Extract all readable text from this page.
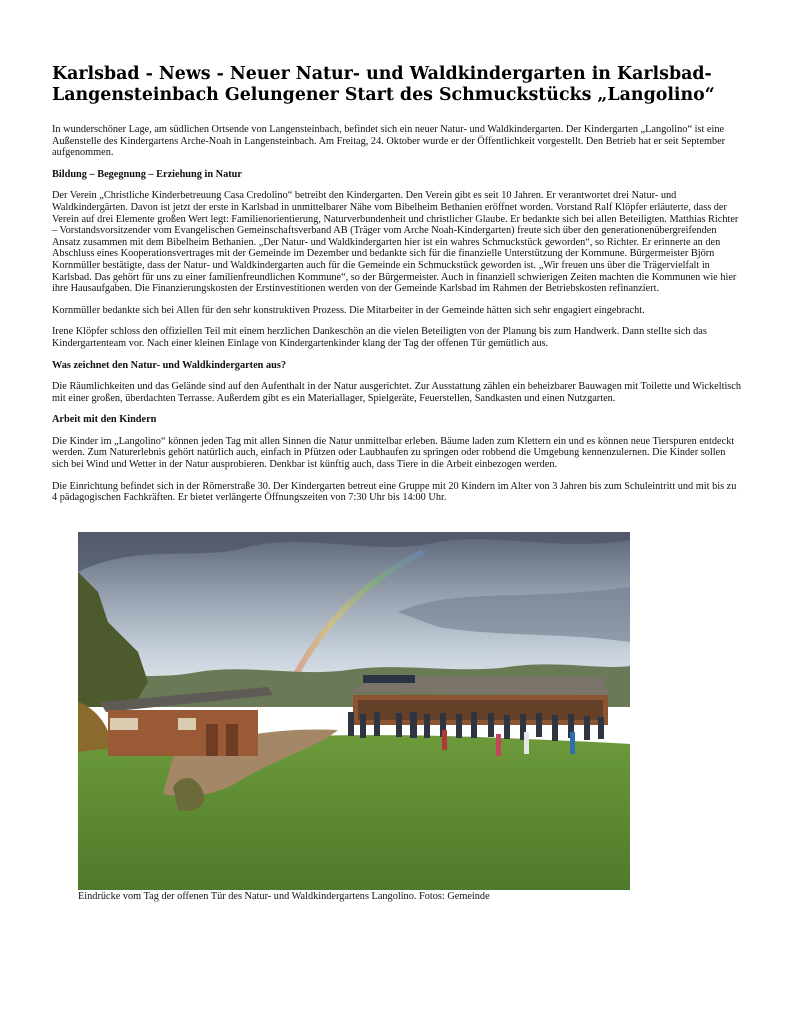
Karlsbad - News - Neuer Natur- und Waldkindergarten in Karlsbad-Langensteinbach Gelungener Start des Schmuckstücks „Langolino“

In wunderschöner Lage, am südlichen Ortsende von Langensteinbach, befindet sich ein neuer Natur- und Waldkindergarten. Der Kindergarten „Langolino“ ist eine Außenstelle des Kindergartens Arche-Noah in Langensteinbach. Am Freitag, 24. Oktober wurde er der Öffentlichkeit vorgestellt. Den Betrieb hat er seit September aufgenommen.

Bildung – Begegnung – Erziehung in Natur

Der Verein „Christliche Kinderbetreuung Casa Credolino“ betreibt den Kindergarten. Den Verein gibt es seit 10 Jahren. Er verantwortet drei Natur- und Waldkindergärten. Davon ist jetzt der erste in Karlsbad in unmittelbarer Nähe vom Bibelheim Bethanien eröffnet worden. Vorstand Ralf Klöpfer erläuterte, dass der Verein auf drei Elemente großen Wert legt: Familienorientierung, Naturverbundenheit und christlicher Glaube. Er bedankte sich bei allen Beteiligten. Matthias Richter – Vorstandsvorsitzender vom Evangelischen Gemeinschaftsverband AB (Träger vom Arche Noah-Kindergarten) freute sich über den generationenübergreifenden Ansatz zusammen mit dem Bibelheim Bethanien. „Der Natur- und Waldkindergarten hier ist ein wahres Schmuckstück geworden“, so Richter. Er erinnerte an den Abschluss eines Kooperationsvertrages mit der Gemeinde im Dezember und bedankte sich für die finanzielle Unterstützung der Kommune. Bürgermeister Björn Kornmüller bestätigte, dass der Natur- und Waldkindergarten auch für die Gemeinde ein Schmuckstück geworden ist. „Wir freuen uns über die Trägervielfalt in Karlsbad. Das gehört für uns zu einer familienfreundlichen Kommune“, so der Bürgermeister. Auch in finanziell schwierigen Zeiten machten die Kommunen wie hier ihre Hausaufgaben. Die Finanzierungskosten der Erstinvestitionen werden von der Gemeinde Karlsbad im Rahmen der Betriebskosten refinanziert.

Kornmüller bedankte sich bei Allen für den sehr konstruktiven Prozess. Die Mitarbeiter in der Gemeinde hätten sich sehr engagiert eingebracht.

Irene Klöpfer schloss den offiziellen Teil mit einem herzlichen Dankeschön an die vielen Beteiligten von der Planung bis zum Handwerk. Dann stellte sich das Kindergartenteam vor. Nach einer kleinen Einlage von Kindergartenkinder klang der Tag der offenen Tür gemütlich aus.

Was zeichnet den Natur- und Waldkindergarten aus?

Die Räumlichkeiten und das Gelände sind auf den Aufenthalt in der Natur ausgerichtet. Zur Ausstattung zählen ein beheizbarer Bauwagen mit Toilette und Wickeltisch mit einer großen, überdachten Terrasse. Außerdem gibt es ein Materiallager, Spielgeräte, Feuerstellen, Sandkasten und einen Nutzgarten.

Arbeit mit den Kindern

Die Kinder im „Langolino“ können jeden Tag mit allen Sinnen die Natur unmittelbar erleben. Bäume laden zum Klettern ein und es können neue Tierspuren entdeckt werden. Zum Naturerlebnis gehört natürlich auch, einfach in Pfützen oder Laubhaufen zu springen oder robbend die Umgebung kennenzulernen. Die Kinder sollen sich bei Wind und Wetter in der Natur ausprobieren. Denkbar ist künftig auch, dass Tiere in die Arbeit einbezogen werden.

Die Einrichtung befindet sich in der Römerstraße 30. Der Kindergarten betreut eine Gruppe mit 20 Kindern im Alter von 3 Jahren bis zum Schuleintritt und mit bis zu 4 pädagogischen Fachkräften. Er bietet verlängerte Öffnungszeiten von 7:30 Uhr bis 14:00 Uhr.

Eindrücke vom Tag der offenen Tür des Natur- und Waldkindergartens Langolino. Fotos: Gemeinde
